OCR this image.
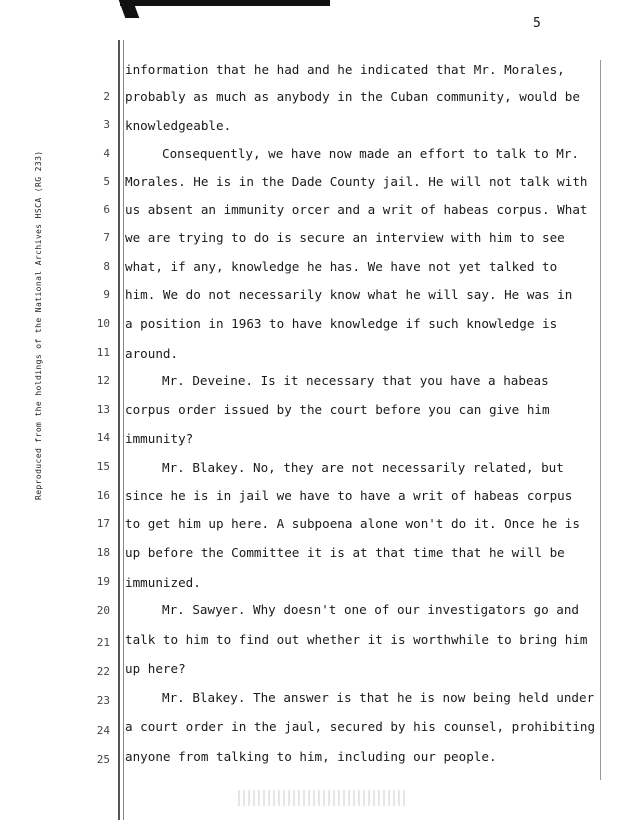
5
Reproduced from the holdings of the National Archives HSCA (RG 233)
2
3
4
5
6
7
8
9
10
11
12
13
14
15
16
17
18
19
20
21
22
23
24
25
information that he had and he indicated that Mr. Morales,
probably as much as anybody in the Cuban community, would be
knowledgeable.
Consequently, we have now made an effort to talk to Mr.
Morales. He is in the Dade County jail. He will not talk with
us absent an immunity orcer and a writ of habeas corpus. What
we are trying to do is secure an interview with him to see
what, if any, knowledge he has. We have not yet talked to
him. We do not necessarily know what he will say. He was in
a position in 1963 to have knowledge if such knowledge is
around.
Mr. Deveine. Is it necessary that you have a habeas
corpus order issued by the court before you can give him
immunity?
Mr. Blakey. No, they are not necessarily related, but
since he is in jail we have to have a writ of habeas corpus
to get him up here. A subpoena alone won't do it. Once he is
up before the Committee it is at that time that he will be
immunized.
Mr. Sawyer. Why doesn't one of our investigators go and
talk to him to find out whether it is worthwhile to bring him
up here?
Mr. Blakey. The answer is that he is now being held under
a court order in the jaul, secured by his counsel, prohibiting
anyone from talking to him, including our people.
